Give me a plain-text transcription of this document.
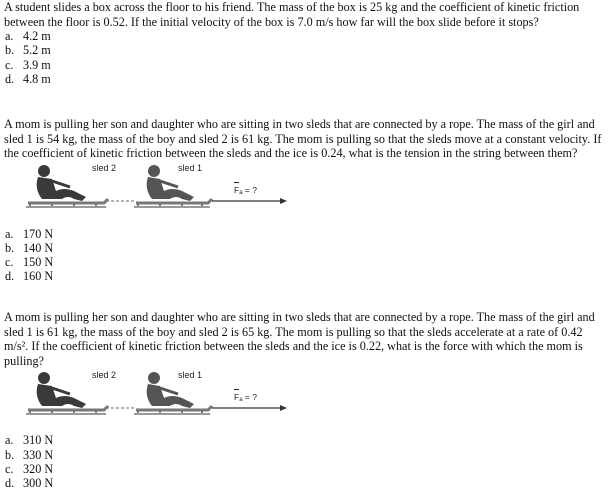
A student slides a box across the floor to his friend. The mass of the box is 25 kg and the coefficient of kinetic friction between the floor is 0.52. If the initial velocity of the box is 7.0 m/s how far will the box slide before it stops?

a. 4.2 m
b. 5.2 m
c. 3.9 m
d. 4.8 m

A mom is pulling her son and daughter who are sitting in two sleds that are connected by a rope. The mass of the girl and sled 1 is 54 kg, the mass of the boy and sled 2 is 61 kg. The mom is pulling so that the sleds move at a constant velocity. If the coefficient of kinetic friction between the sleds and the ice is 0.24, what is the tension in the string between them?

sled 2	sled 1
Fa = ?
a. 170 N
b. 140 N
c. 150 N
d. 160 N

A mom is pulling her son and daughter who are sitting in two sleds that are connected by a rope. The mass of the girl and sled 1 is 61 kg, the mass of the boy and sled 2 is 65 kg. The mom is pulling so that the sleds accelerate at a rate of 0.42 m/s². If the coefficient of kinetic friction between the sleds and the ice is 0.22, what is the force with which the mom is pulling?

sled 2	sled 1
Fa = ?
a. 310 N
b. 330 N
c. 320 N
d. 300 N
